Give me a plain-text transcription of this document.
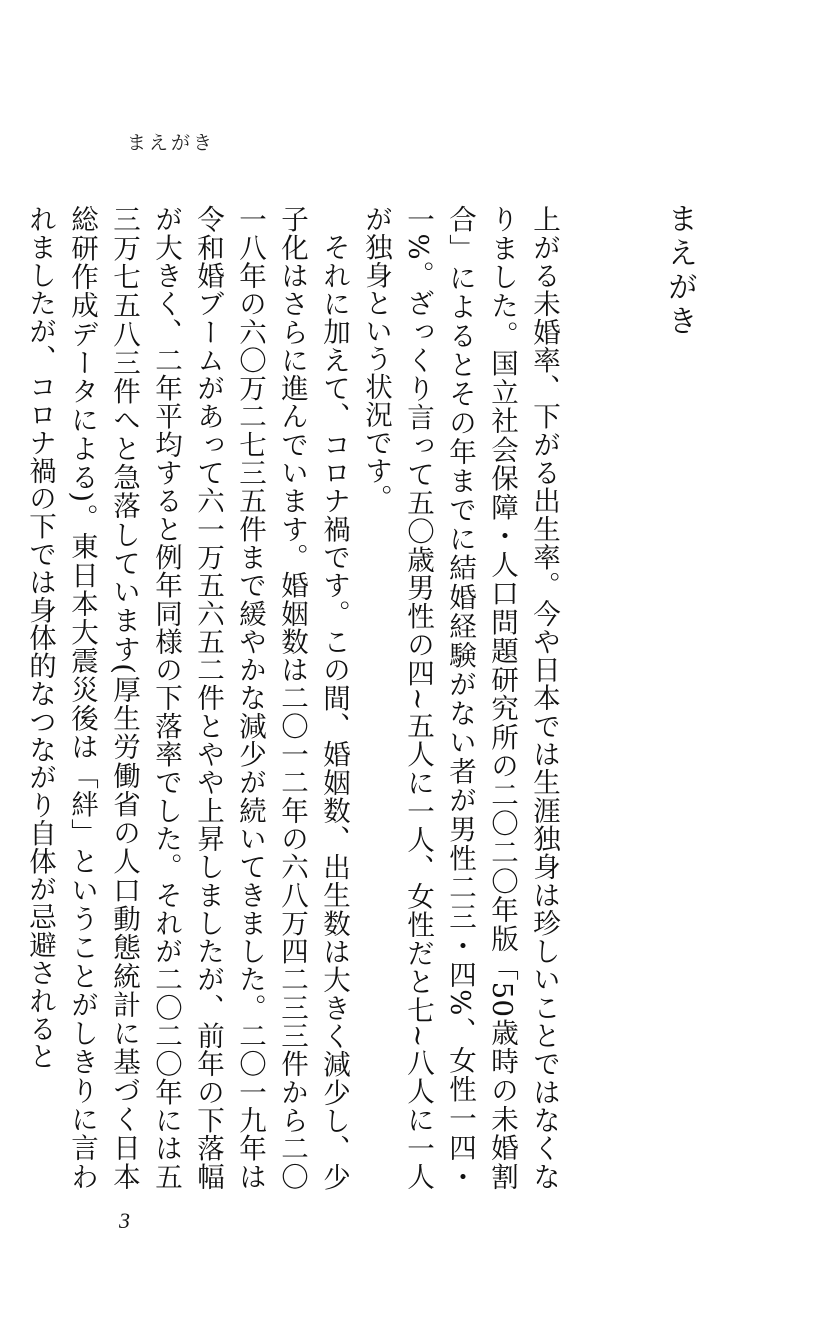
まえがき
まえがき

上がる未婚率、下がる出生率。今や日本では生涯独身は珍しいことではなくなりました。国立社会保障・人口問題研究所の二〇二〇年版「50歳時の未婚割合」によるとその年までに結婚経験がない者が男性二三・四%、女性一四・一%。ざっくり言って五〇歳男性の四~五人に一人、女性だと七~八人に一人が独身という状況です。

それに加えて、コロナ禍です。この間、婚姻数、出生数は大きく減少し、少子化はさらに進んでいます。婚姻数は二〇一二年の六八万四二三三件から二〇一八年の六〇万二七三五件まで緩やかな減少が続いてきました。二〇一九年は令和婚ブームがあって六一万五六五二件とやや上昇しましたが、前年の下落幅が大きく、二年平均すると例年同様の下落率でした。それが二〇二〇年には五三万七五八三件へと急落しています(厚生労働省の人口動態統計に基づく日本総研作成データによる)。東日本大震災後は「絆」ということがしきりに言われましたが、コロナ禍の下では身体的なつながり自体が忌避されると

3
